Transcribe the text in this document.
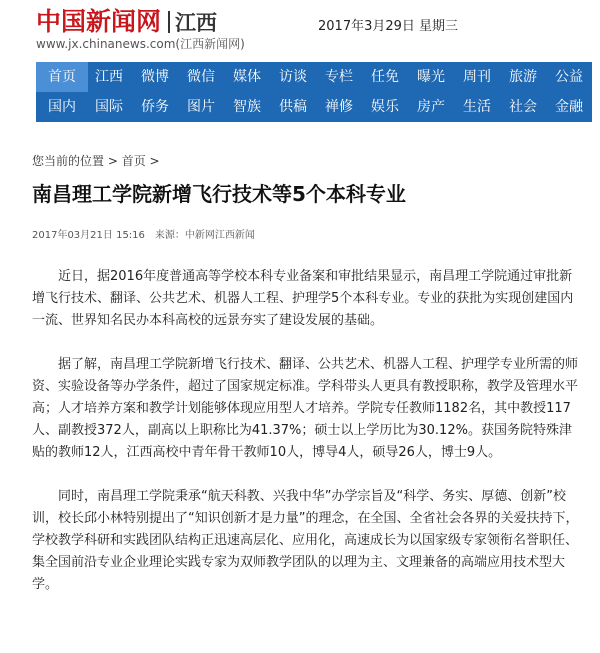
中国新闻网 江西
www.jx.chinanews.com(江西新闻网)
2017年3月29日 星期三
首页	江西	微博	微信	媒体	访谈	专栏	任免	曝光	周刊	旅游	公益
国内	国际	侨务	图片	智族	供稿	禅修	娱乐	房产	生活	社会	金融
您当前的位置 > 首页 >
南昌理工学院新增飞行技术等5个本科专业
2017年03月21日 15:16 来源：中新网江西新闻

近日，据2016年度普通高等学校本科专业备案和审批结果显示，南昌理工学院通过审批新增飞行技术、翻译、公共艺术、机器人工程、护理学5个本科专业。专业的获批为实现创建国内一流、世界知名民办本科高校的远景夯实了建设发展的基础。

据了解，南昌理工学院新增飞行技术、翻译、公共艺术、机器人工程、护理学专业所需的师资、实验设备等办学条件，超过了国家规定标准。学科带头人更具有教授职称，教学及管理水平高；人才培养方案和教学计划能够体现应用型人才培养。学院专任教师1182名，其中教授117人、副教授372人，副高以上职称比为41.37%；硕士以上学历比为30.12%。获国务院特殊津贴的教师12人，江西高校中青年骨干教师10人，博导4人，硕导26人，博士9人。

同时，南昌理工学院秉承“航天科教、兴我中华”办学宗旨及“科学、务实、厚德、创新”校训，校长邱小林特别提出了“知识创新才是力量”的理念，在全国、全省社会各界的关爱扶持下，学校教学科研和实践团队结构正迅速高层化、应用化，高速成长为以国家级专家领衔名誉职任、集全国前沿专业企业理论实践专家为双师教学团队的以理为主、文理兼备的高端应用技术型大学。
